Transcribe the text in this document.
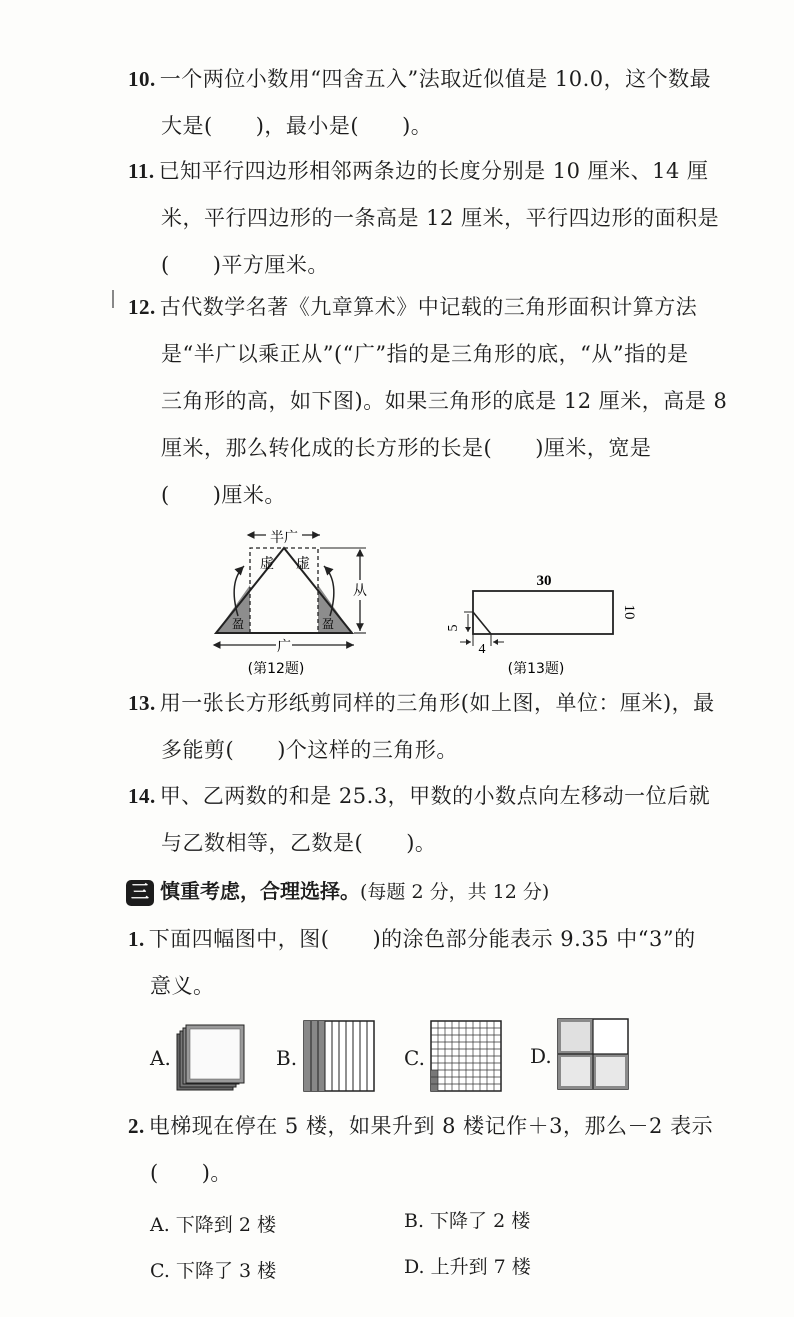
10. 一个两位小数用“四舍五入”法取近似值是 10.0，这个数最
大是(　　)，最小是(　　)。
11. 已知平行四边形相邻两条边的长度分别是 10 厘米、14 厘
米，平行四边形的一条高是 12 厘米，平行四边形的面积是
(　　)平方厘米。
12. 古代数学名著《九章算术》中记载的三角形面积计算方法
是“半广以乘正从”(“广”指的是三角形的底，“从”指的是
三角形的高，如下图)。如果三角形的底是 12 厘米，高是 8
厘米，那么转化成的长方形的长是(　　)厘米，宽是
(　　)厘米。
半广
虚 虚
盈	盈
广
从
(第12题)
30
10
5
4
(第13题)
13. 用一张长方形纸剪同样的三角形(如上图，单位：厘米)，最
多能剪(　　)个这样的三角形。
14. 甲、乙两数的和是 25.3，甲数的小数点向左移动一位后就
与乙数相等，乙数是(　　)。
三 慎重考虑，合理选择。(每题 2 分，共 12 分)
1. 下面四幅图中，图(　　)的涂色部分能表示 9.35 中“3”的
意义。
A.	B.	C.	D.
2. 电梯现在停在 5 楼，如果升到 8 楼记作＋3，那么－2 表示
(　　)。
A. 下降到 2 楼	B. 下降了 2 楼
C. 下降了 3 楼	D. 上升到 7 楼
